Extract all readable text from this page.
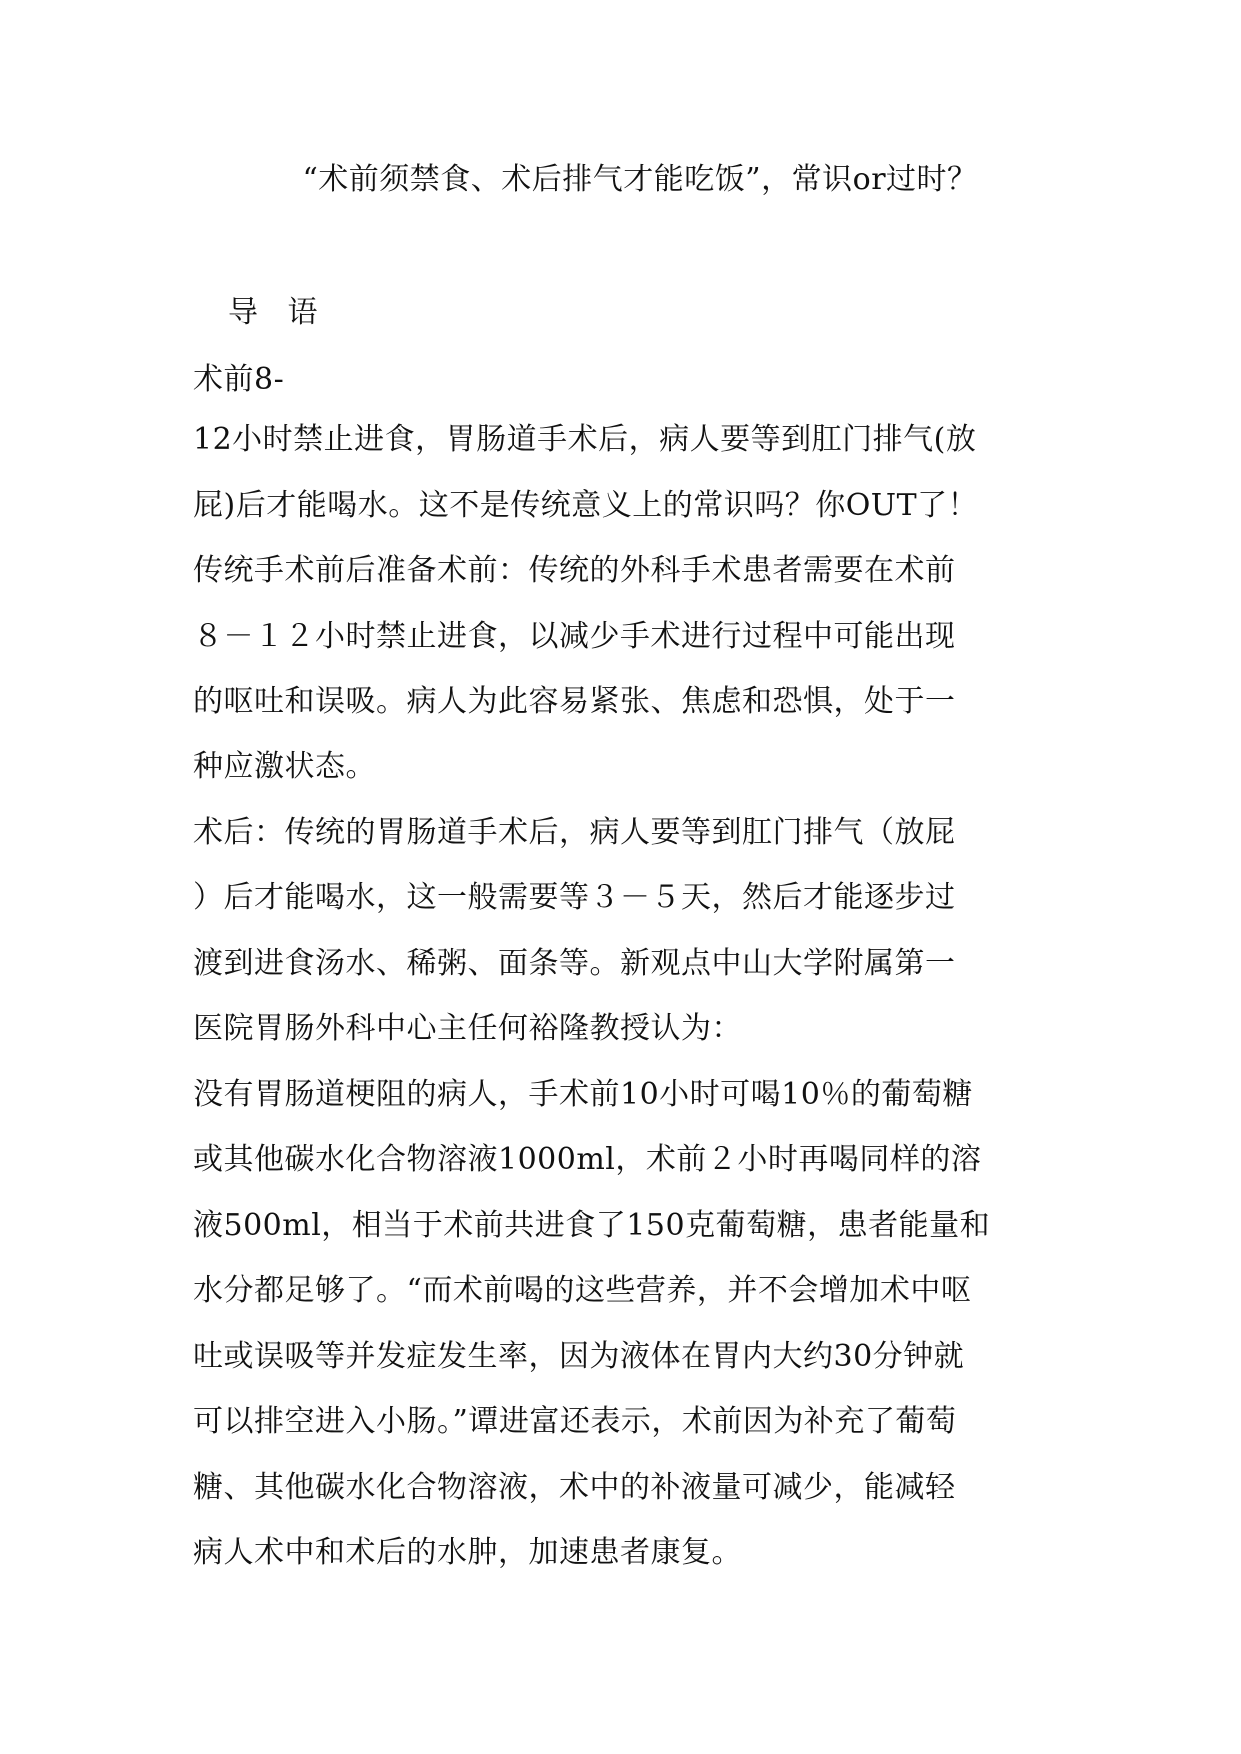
“术前须禁食、术后排气才能吃饭”，常识or过时？
导 语
术前8-
12小时禁止进食，胃肠道手术后，病人要等到肛门排气(放
屁)后才能喝水。这不是传统意义上的常识吗？你OUT了！
传统手术前后准备术前：传统的外科手术患者需要在术前
８－１２小时禁止进食，以减少手术进行过程中可能出现
的呕吐和误吸。病人为此容易紧张、焦虑和恐惧，处于一
种应激状态。
术后：传统的胃肠道手术后，病人要等到肛门排气（放屁
）后才能喝水，这一般需要等３－５天，然后才能逐步过
渡到进食汤水、稀粥、面条等。新观点中山大学附属第一
医院胃肠外科中心主任何裕隆教授认为：
没有胃肠道梗阻的病人，手术前10小时可喝10％的葡萄糖
或其他碳水化合物溶液1000ml，术前２小时再喝同样的溶
液500ml，相当于术前共进食了150克葡萄糖，患者能量和
水分都足够了。“而术前喝的这些营养，并不会增加术中呕
吐或误吸等并发症发生率，因为液体在胃内大约30分钟就
可以排空进入小肠。”谭进富还表示，术前因为补充了葡萄
糖、其他碳水化合物溶液，术中的补液量可减少，能减轻
病人术中和术后的水肿，加速患者康复。
